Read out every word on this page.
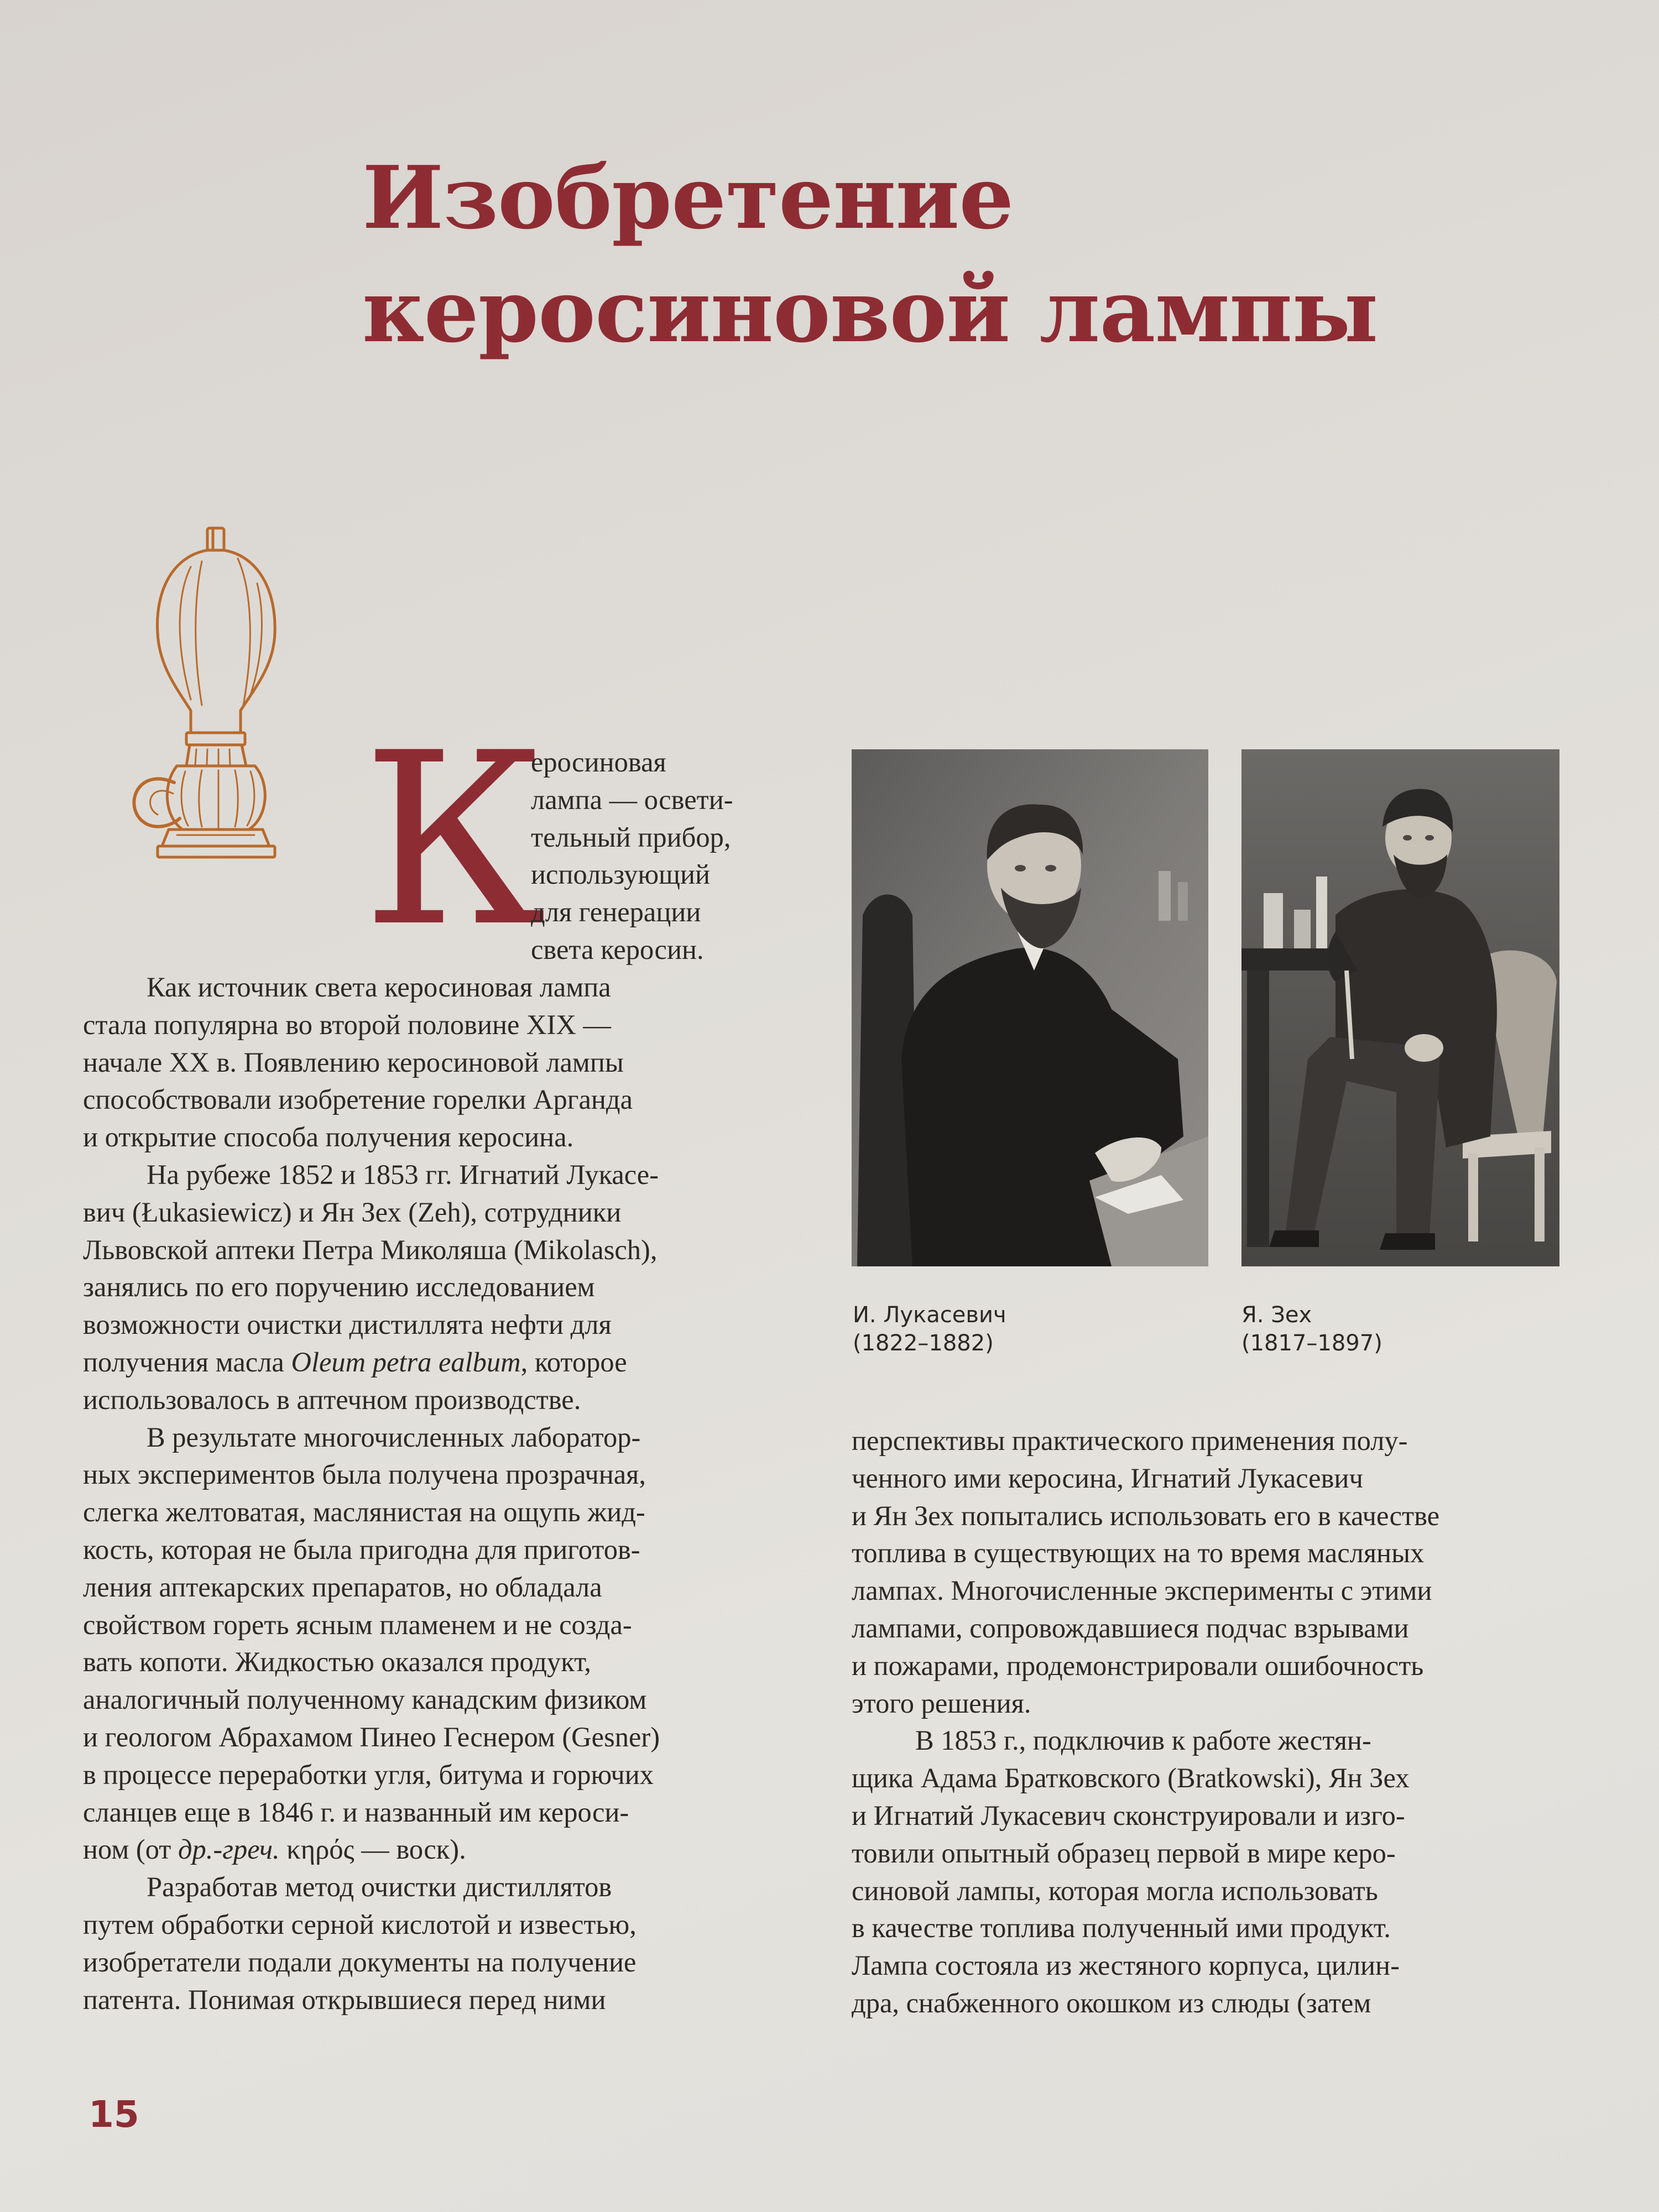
Изобретение
керосиновой лампы
К
еросиновая
лампа — освети-
тельный прибор,
использующий
для генерации
света керосин.
Как источник света керосиновая лампа
стала популярна во второй половине XIX —
начале XX в. Появлению керосиновой лампы
способствовали изобретение горелки Арганда
и открытие способа получения керосина.
На рубеже 1852 и 1853 гг. Игнатий Лукасе-
вич (Łukasiewicz) и Ян Зех (Zeh), сотрудники
Львовской аптеки Петра Миколяша (Mikolasch),
занялись по его поручению исследованием
возможности очистки дистиллята нефти для
получения масла Oleum petra ealbum, которое
использовалось в аптечном производстве.
В результате многочисленных лаборатор-
ных экспериментов была получена прозрачная,
слегка желтоватая, маслянистая на ощупь жид-
кость, которая не была пригодна для приготов-
ления аптекарских препаратов, но обладала
свойством гореть ясным пламенем и не созда-
вать копоти. Жидкостью оказался продукт,
аналогичный полученному канадским физиком
и геологом Абрахамом Пинео Геснером (Gesner)
в процессе переработки угля, битума и горючих
сланцев еще в 1846 г. и названный им кероси-
ном (от др.-греч. κηρός — воск).
Разработав метод очистки дистиллятов
путем обработки серной кислотой и известью,
изобретатели подали документы на получение
патента. Понимая открывшиеся перед ними
И. Лукасевич
(1822–1882)
Я. Зех
(1817–1897)
перспективы практического применения полу-
ченного ими керосина, Игнатий Лукасевич
и Ян Зех попытались использовать его в качестве
топлива в существующих на то время масляных
лампах. Многочисленные эксперименты с этими
лампами, сопровождавшиеся подчас взрывами
и пожарами, продемонстрировали ошибочность
этого решения.
В 1853 г., подключив к работе жестян-
щика Адама Братковского (Bratkowski), Ян Зех
и Игнатий Лукасевич сконструировали и изго-
товили опытный образец первой в мире керо-
синовой лампы, которая могла использовать
в качестве топлива полученный ими продукт.
Лампа состояла из жестяного корпуса, цилин-
дра, снабженного окошком из слюды (затем
15
